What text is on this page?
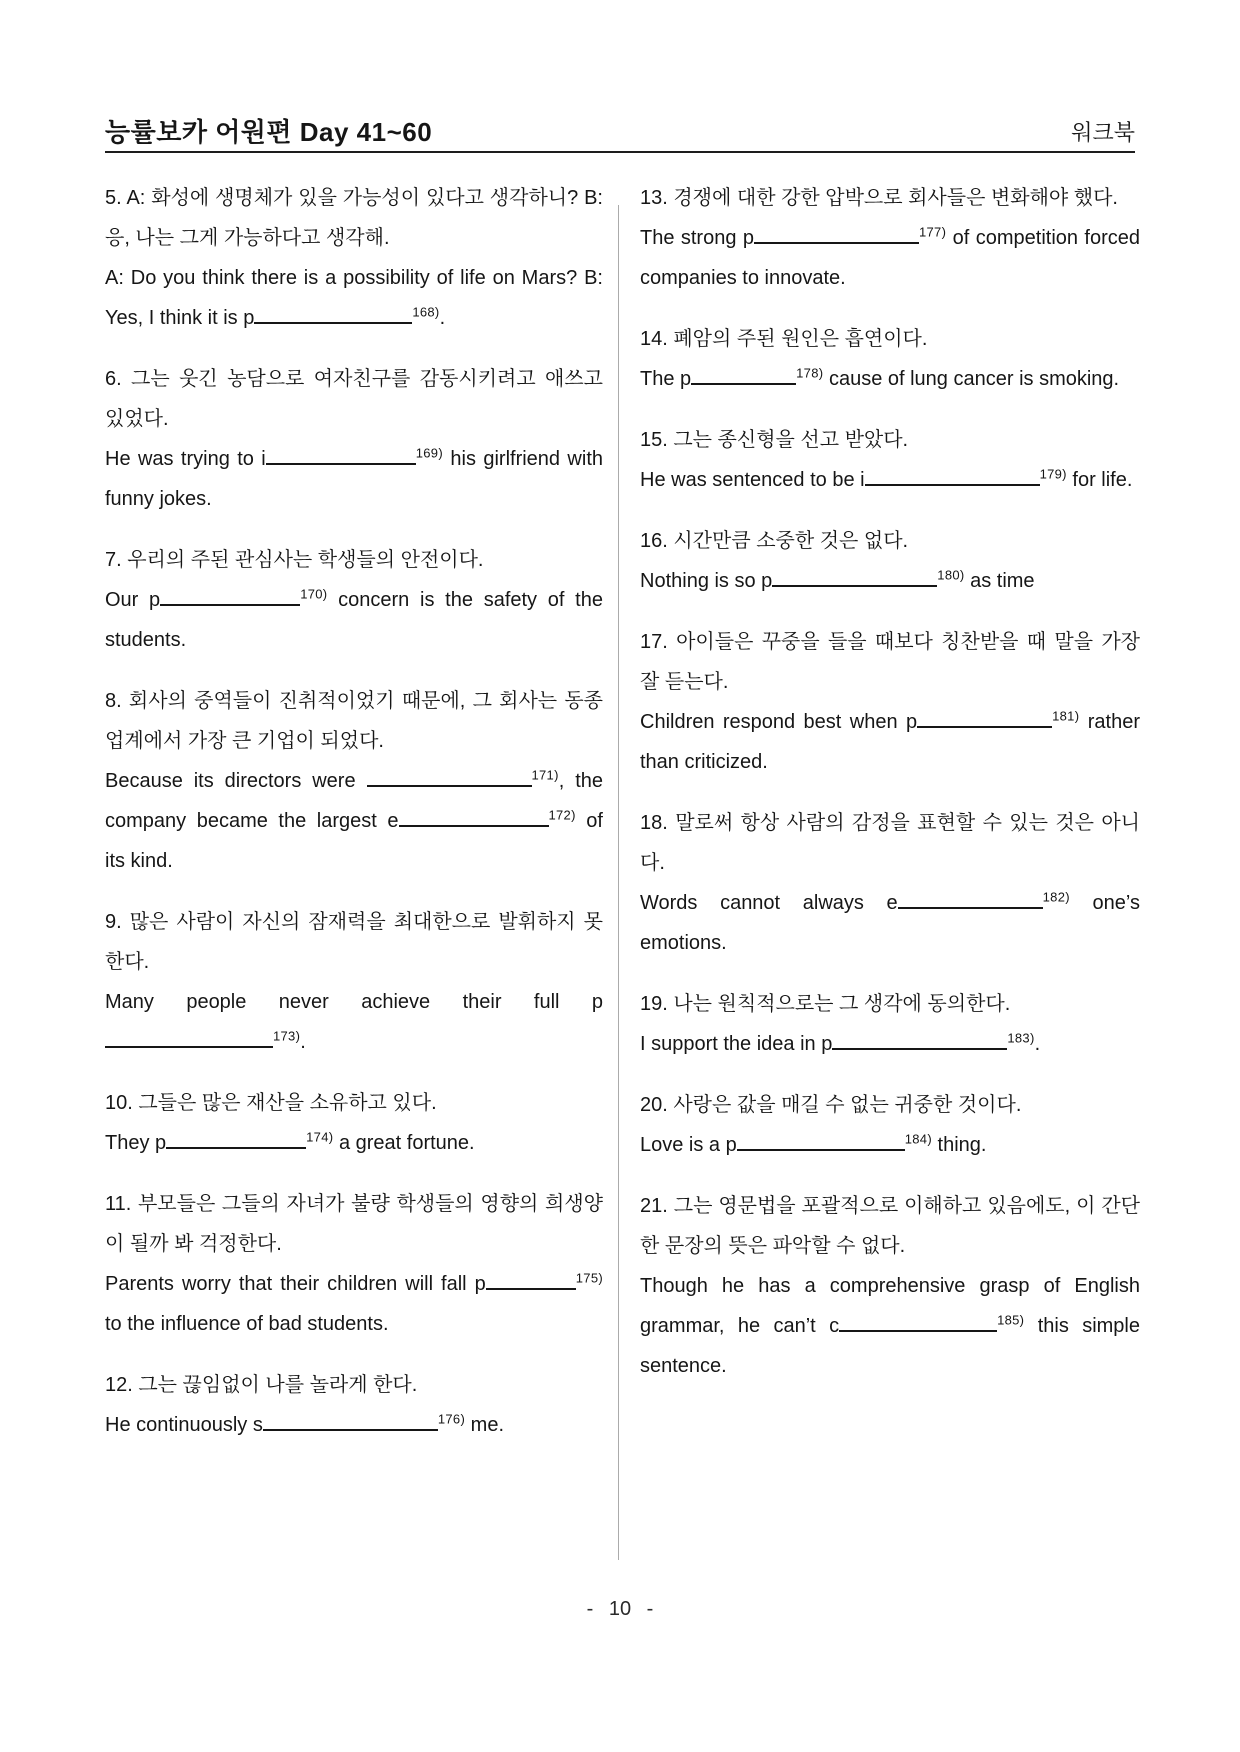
능률보카 어원편 Day 41~60	워크북

5. A: 화성에 생명체가 있을 가능성이 있다고 생각하니? B: 응, 나는 그게 가능하다고 생각해.

A: Do you think there is a possibility of life on Mars? B: Yes, I think it is p	$^{168)}$.

6. 그는 웃긴 농담으로 여자친구를 감동시키려고 애쓰고 있었다.

He was trying to i	$^{169)}$ his girlfriend with funny jokes.

7. 우리의 주된 관심사는 학생들의 안전이다.

Our p	$^{170)}$ concern is the safety of the students.

8. 회사의 중역들이 진취적이었기 때문에, 그 회사는 동종업계에서 가장 큰 기업이 되었다.

Because its directors were	$^{171)}$, the company became the largest e	$^{172)}$ of its kind.

9. 많은 사람이 자신의 잠재력을 최대한으로 발휘하지 못한다.

Many people never achieve their full $p^{173)}$.

10. 그들은 많은 재산을 소유하고 있다.

They p	$^{174)}$ a great fortune.

11. 부모들은 그들의 자녀가 불량 학생들의 영향의 희생양이 될까 봐 걱정한다.

Parents worry that their children will fall p	$^{175)}$ to the influence of bad students.

12. 그는 끊임없이 나를 놀라게 한다.

He continuously s	$^{176)}$ me.

13. 경쟁에 대한 강한 압박으로 회사들은 변화해야 했다.

The strong p	$^{177)}$ of competition forced companies to innovate.

14. 폐암의 주된 원인은 흡연이다.

The p	$^{178)}$ cause of lung cancer is smoking.

15. 그는 종신형을 선고 받았다.

He was sentenced to be i	$^{179)}$ for life.

16. 시간만큼 소중한 것은 없다.

Nothing is so p	$^{180)}$ as time

17. 아이들은 꾸중을 들을 때보다 칭찬받을 때 말을 가장 잘 듣는다.

Children respond best when p	$^{181)}$ rather than criticized.

18. 말로써 항상 사람의 감정을 표현할 수 있는 것은 아니다.

Words cannot always e	$^{182)}$ one’s emotions.

19. 나는 원칙적으로는 그 생각에 동의한다.

I support the idea in p	$^{183)}$.

20. 사랑은 값을 매길 수 없는 귀중한 것이다.

Love is a p	$^{184)}$ thing.

21. 그는 영문법을 포괄적으로 이해하고 있음에도, 이 간단한 문장의 뜻은 파악할 수 없다.

Though he has a comprehensive grasp of English grammar, he can’t c	$^{185)}$ this simple sentence.

- 10 -
